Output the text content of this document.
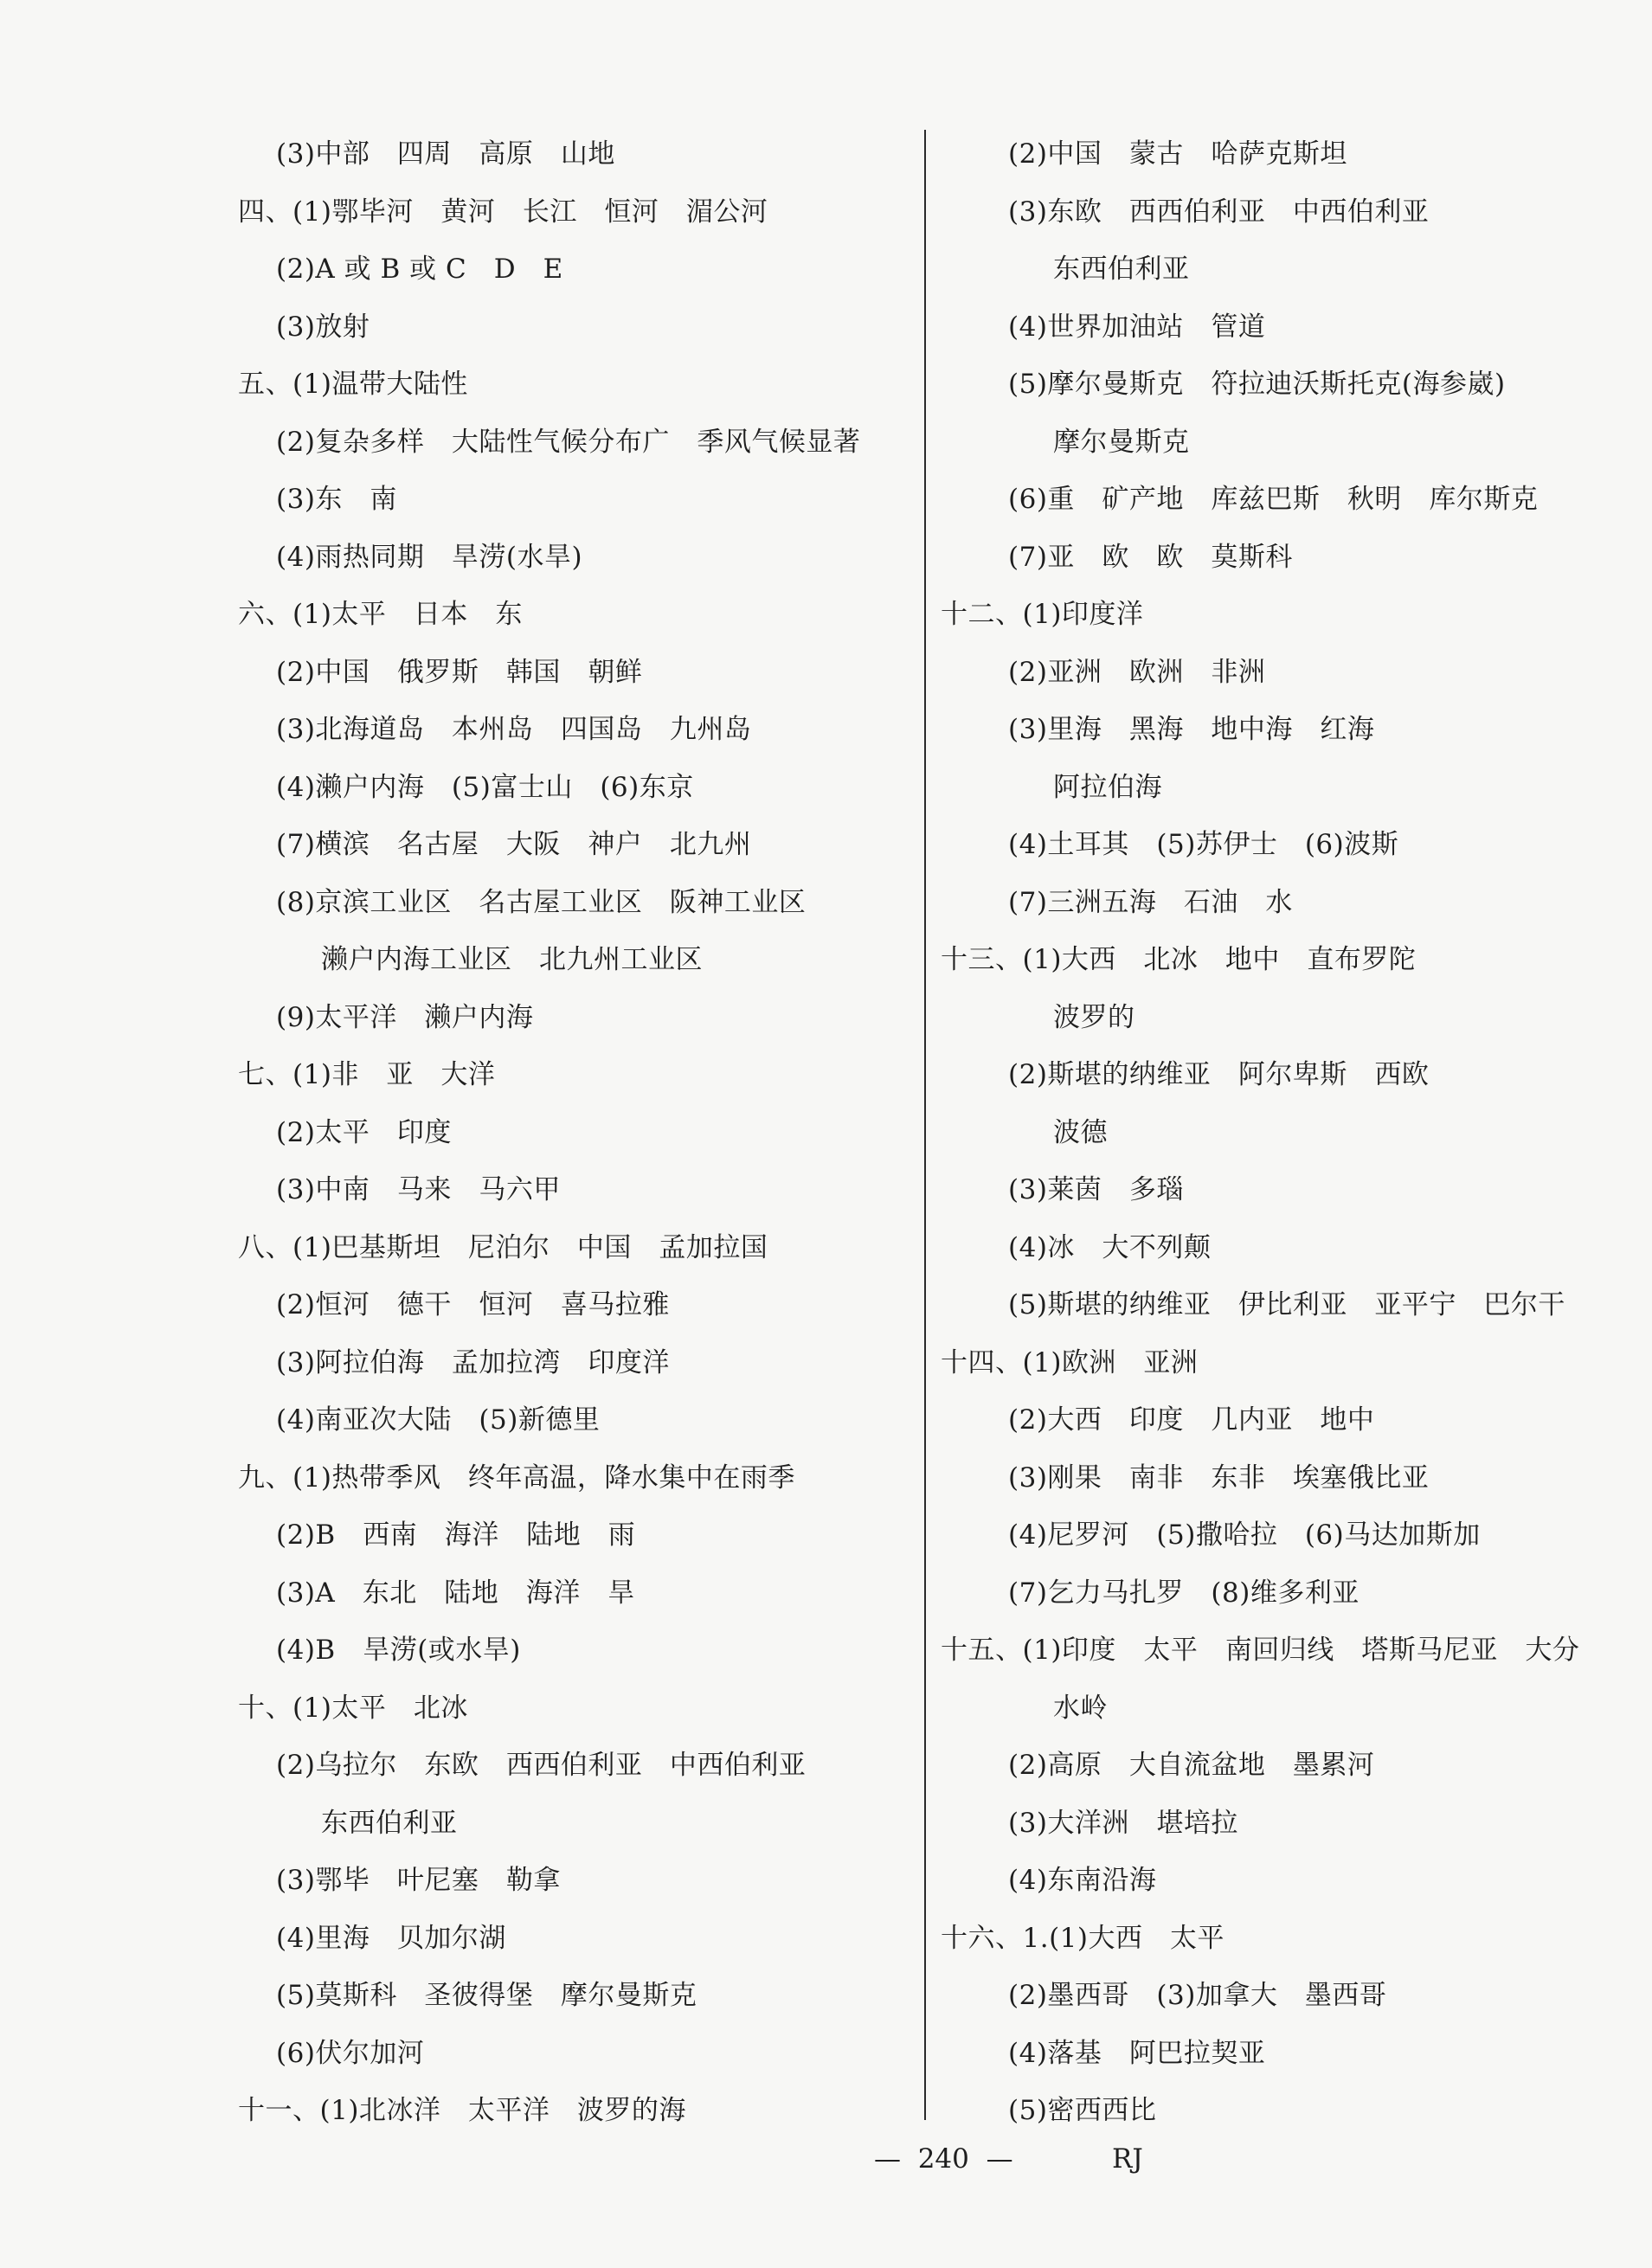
(3)中部　四周　高原　山地
四、(1)鄂毕河　黄河　长江　恒河　湄公河
(2)A 或 B 或 C　D　E
(3)放射
五、(1)温带大陆性
(2)复杂多样　大陆性气候分布广　季风气候显著
(3)东　南
(4)雨热同期　旱涝(水旱)
六、(1)太平　日本　东
(2)中国　俄罗斯　韩国　朝鲜
(3)北海道岛　本州岛　四国岛　九州岛
(4)濑户内海　(5)富士山　(6)东京
(7)横滨　名古屋　大阪　神户　北九州
(8)京滨工业区　名古屋工业区　阪神工业区
濑户内海工业区　北九州工业区
(9)太平洋　濑户内海
七、(1)非　亚　大洋
(2)太平　印度
(3)中南　马来　马六甲
八、(1)巴基斯坦　尼泊尔　中国　孟加拉国
(2)恒河　德干　恒河　喜马拉雅
(3)阿拉伯海　孟加拉湾　印度洋
(4)南亚次大陆　(5)新德里
九、(1)热带季风　终年高温，降水集中在雨季
(2)B　西南　海洋　陆地　雨
(3)A　东北　陆地　海洋　旱
(4)B　旱涝(或水旱)
十、(1)太平　北冰
(2)乌拉尔　东欧　西西伯利亚　中西伯利亚
东西伯利亚
(3)鄂毕　叶尼塞　勒拿
(4)里海　贝加尔湖
(5)莫斯科　圣彼得堡　摩尔曼斯克
(6)伏尔加河
十一、(1)北冰洋　太平洋　波罗的海
(2)中国　蒙古　哈萨克斯坦
(3)东欧　西西伯利亚　中西伯利亚
东西伯利亚
(4)世界加油站　管道
(5)摩尔曼斯克　符拉迪沃斯托克(海参崴)
摩尔曼斯克
(6)重　矿产地　库兹巴斯　秋明　库尔斯克
(7)亚　欧　欧　莫斯科
十二、(1)印度洋
(2)亚洲　欧洲　非洲
(3)里海　黑海　地中海　红海
阿拉伯海
(4)土耳其　(5)苏伊士　(6)波斯
(7)三洲五海　石油　水
十三、(1)大西　北冰　地中　直布罗陀
波罗的
(2)斯堪的纳维亚　阿尔卑斯　西欧
波德
(3)莱茵　多瑙
(4)冰　大不列颠
(5)斯堪的纳维亚　伊比利亚　亚平宁　巴尔干
十四、(1)欧洲　亚洲
(2)大西　印度　几内亚　地中
(3)刚果　南非　东非　埃塞俄比亚
(4)尼罗河　(5)撒哈拉　(6)马达加斯加
(7)乞力马扎罗　(8)维多利亚
十五、(1)印度　太平　南回归线　塔斯马尼亚　大分
水岭
(2)高原　大自流盆地　墨累河
(3)大洋洲　堪培拉
(4)东南沿海
十六、1.(1)大西　太平
(2)墨西哥　(3)加拿大　墨西哥
(4)落基　阿巴拉契亚
(5)密西西比
—  240  —	RJ
